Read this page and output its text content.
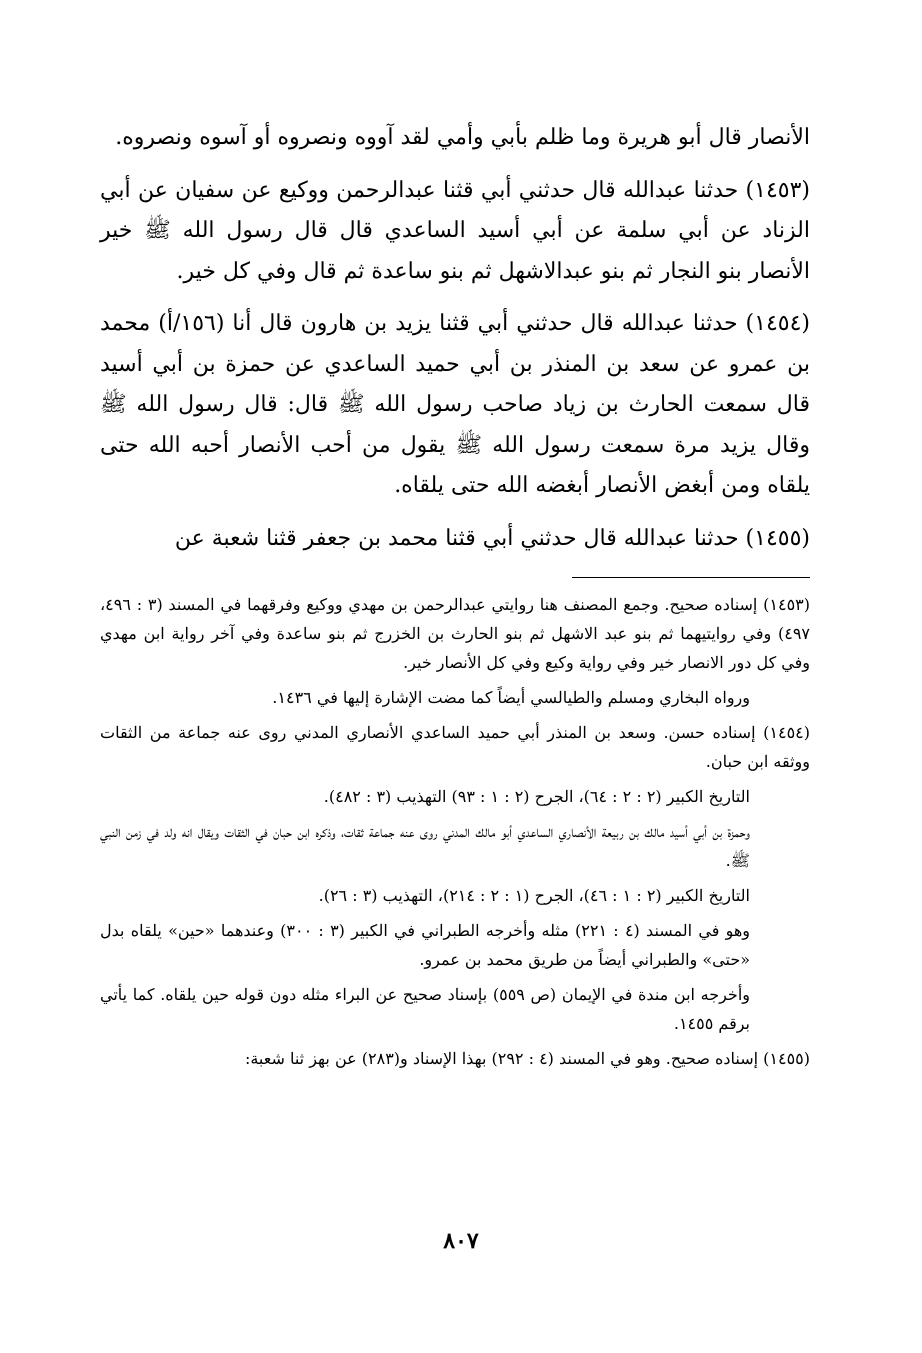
الأنصار قال أبو هريرة وما ظلم بأبي وأمي لقد آووه ونصروه أو آسوه ونصروه.

(١٤٥٣) حدثنا عبدالله قال حدثني أبي قثنا عبدالرحمن ووكيع عن سفيان عن أبي الزناد عن أبي سلمة عن أبي أسيد الساعدي قال قال رسول الله ﷺ خير الأنصار بنو النجار ثم بنو عبدالاشهل ثم بنو ساعدة ثم قال وفي كل خير.

(١٤٥٤) حدثنا عبدالله قال حدثني أبي قثنا يزيد بن هارون قال أنا (١٥٦/أ) محمد بن عمرو عن سعد بن المنذر بن أبي حميد الساعدي عن حمزة بن أبي أسيد قال سمعت الحارث بن زياد صاحب رسول الله ﷺ قال: قال رسول الله ﷺ وقال يزيد مرة سمعت رسول الله ﷺ يقول من أحب الأنصار أحبه الله حتى يلقاه ومن أبغض الأنصار أبغضه الله حتى يلقاه.

(١٤٥٥) حدثنا عبدالله قال حدثني أبي قثنا محمد بن جعفر قثنا شعبة عن

(١٤٥٣) إسناده صحيح. وجمع المصنف هنا روايتي عبدالرحمن بن مهدي ووكيع وفرقهما في المسند (٣ : ٤٩٦، ٤٩٧) وفي روايتيهما ثم بنو عبد الاشهل ثم بنو الحارث بن الخزرج ثم بنو ساعدة وفي آخر رواية ابن مهدي وفي كل دور الانصار خير وفي رواية وكيع وفي كل الأنصار خير.

ورواه البخاري ومسلم والطيالسي أيضاً كما مضت الإشارة إليها في ١٤٣٦.

(١٤٥٤) إسناده حسن. وسعد بن المنذر أبي حميد الساعدي الأنصاري المدني روى عنه جماعة من الثقات ووثقه ابن حبان.

التاريخ الكبير (٢ : ٢ : ٦٤)، الجرح (٢ : ١ : ٩٣) التهذيب (٣ : ٤٨٢).

وحمزة بن أبي أسيد مالك بن ربيعة الأنصاري الساعدي أبو مالك المدني روى عنه جماعة ثقات، وذكره ابن حبان في الثقات ويقال انه ولد في زمن النبي ﷺ.

التاريخ الكبير (٢ : ١ : ٤٦)، الجرح (١ : ٢ : ٢١٤)، التهذيب (٣ : ٢٦).

وهو في المسند (٤ : ٢٢١) مثله وأخرجه الطبراني في الكبير (٣ : ٣٠٠) وعندهما «حين» يلقاه بدل «حتى» والطبراني أيضاً من طريق محمد بن عمرو.

وأخرجه ابن مندة في الإيمان (ص ٥٥٩) بإسناد صحيح عن البراء مثله دون قوله حين يلقاه. كما يأتي برقم ١٤٥٥.

(١٤٥٥) إسناده صحيح. وهو في المسند (٤ : ٢٩٢) بهذا الإسناد و(٢٨٣) عن بهز ثنا شعبة:

٨٠٧
